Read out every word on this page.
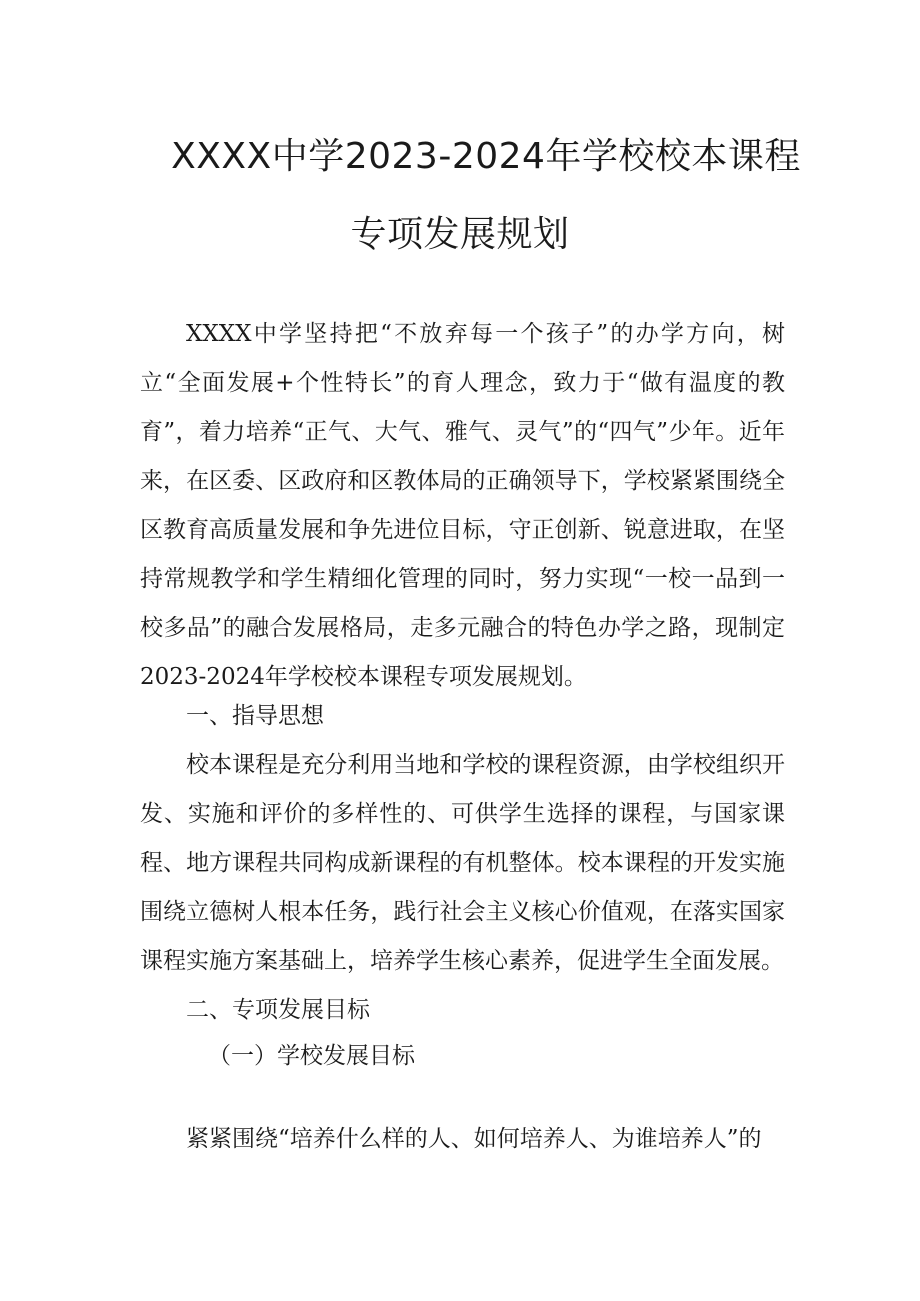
XXXX中学2023-2024年学校校本课程
专项发展规划

XXXX中学坚持把“不放弃每一个孩子”的办学方向，树立“全面发展+个性特长”的育人理念，致力于“做有温度的教育”，着力培养“正气、大气、雅气、灵气”的“四气”少年。近年来，在区委、区政府和区教体局的正确领导下，学校紧紧围绕全区教育高质量发展和争先进位目标，守正创新、锐意进取，在坚持常规教学和学生精细化管理的同时，努力实现“一校一品到一校多品”的融合发展格局，走多元融合的特色办学之路，现制定2023-2024年学校校本课程专项发展规划。

一、指导思想

校本课程是充分利用当地和学校的课程资源，由学校组织开发、实施和评价的多样性的、可供学生选择的课程，与国家课程、地方课程共同构成新课程的有机整体。校本课程的开发实施围绕立德树人根本任务，践行社会主义核心价值观，在落实国家课程实施方案基础上，培养学生核心素养，促进学生全面发展。

二、专项发展目标

（一）学校发展目标

紧紧围绕“培养什么样的人、如何培养人、为谁培养人”的
